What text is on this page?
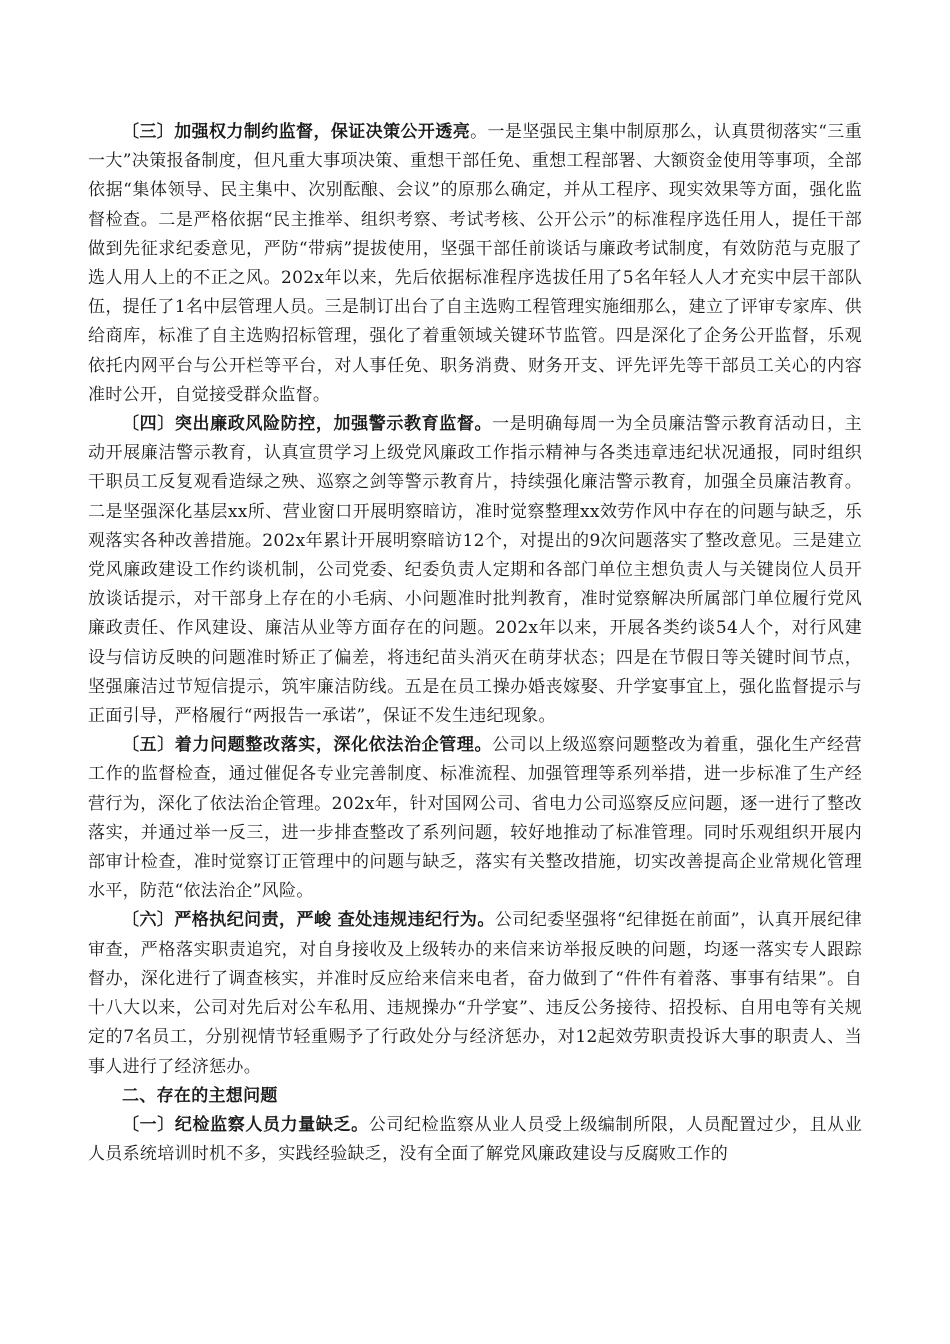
〔三〕加强权力制约监督，保证决策公开透亮。一是坚强民主集中制原那么，认真贯彻落实“三重一大”决策报备制度，但凡重大事项决策、重想干部任免、重想工程部署、大额资金使用等事项，全部依据“集体领导、民主集中、次别酝酿、会议”的原那么确定，并从工程序、现实效果等方面，强化监督检查。二是严格依据“民主推举、组织考察、考试考核、公开公示”的标准程序选任用人，提任干部做到先征求纪委意见，严防“带病”提拔使用，坚强干部任前谈话与廉政考试制度，有效防范与克服了选人用人上的不正之风。202x年以来，先后依据标准程序选拔任用了5名年轻人人才充实中层干部队伍，提任了1名中层管理人员。三是制订出台了自主选购工程管理实施细那么，建立了评审专家库、供给商库，标准了自主选购招标管理，强化了着重领域关键环节监管。四是深化了企务公开监督，乐观依托内网平台与公开栏等平台，对人事任免、职务消费、财务开支、评先评先等干部员工关心的内容准时公开，自觉接受群众监督。

〔四〕突出廉政风险防控，加强警示教育监督。一是明确每周一为全员廉洁警示教育活动日，主动开展廉洁警示教育，认真宣贯学习上级党风廉政工作指示精神与各类违章违纪状况通报，同时组织干职员工反复观看造绿之殃、巡察之剑等警示教育片，持续强化廉洁警示教育，加强全员廉洁教育。二是坚强深化基层xx所、营业窗口开展明察暗访，准时觉察整理xx效劳作风中存在的问题与缺乏，乐观落实各种改善措施。202x年累计开展明察暗访12个，对提出的9次问题落实了整改意见。三是建立党风廉政建设工作约谈机制，公司党委、纪委负责人定期和各部门单位主想负责人与关键岗位人员开放谈话提示，对干部身上存在的小毛病、小问题准时批判教育，准时觉察解决所属部门单位履行党风廉政责任、作风建设、廉洁从业等方面存在的问题。202x年以来，开展各类约谈54人个，对行风建设与信访反映的问题准时矫正了偏差，将违纪苗头消灭在萌芽状态；四是在节假日等关键时间节点，坚强廉洁过节短信提示，筑牢廉洁防线。五是在员工操办婚丧嫁娶、升学宴事宜上，强化监督提示与正面引导，严格履行“两报告一承诺”，保证不发生违纪现象。

〔五〕着力问题整改落实，深化依法治企管理。公司以上级巡察问题整改为着重，强化生产经营工作的监督检查，通过催促各专业完善制度、标准流程、加强管理等系列举措，进一步标准了生产经营行为，深化了依法治企管理。202x年，针对国网公司、省电力公司巡察反应问题，逐一进行了整改落实，并通过举一反三，进一步排查整改了系列问题，较好地推动了标准管理。同时乐观组织开展内部审计检查，准时觉察订正管理中的问题与缺乏，落实有关整改措施，切实改善提高企业常规化管理水平，防范“依法治企”风险。

〔六〕严格执纪问责，严峻 查处违规违纪行为。公司纪委坚强将“纪律挺在前面”，认真开展纪律审查，严格落实职责追究，对自身接收及上级转办的来信来访举报反映的问题，均逐一落实专人跟踪督办，深化进行了调查核实，并准时反应给来信来电者，奋力做到了“件件有着落、事事有结果”。自十八大以来，公司对先后对公车私用、违规操办“升学宴”、违反公务接待、招投标、自用电等有关规定的7名员工，分别视情节轻重赐予了行政处分与经济惩办，对12起效劳职责投诉大事的职责人、当事人进行了经济惩办。

二、存在的主想问题

〔一〕纪检监察人员力量缺乏。公司纪检监察从业人员受上级编制所限，人员配置过少，且从业人员系统培训时机不多，实践经验缺乏，没有全面了解党风廉政建设与反腐败工作的
